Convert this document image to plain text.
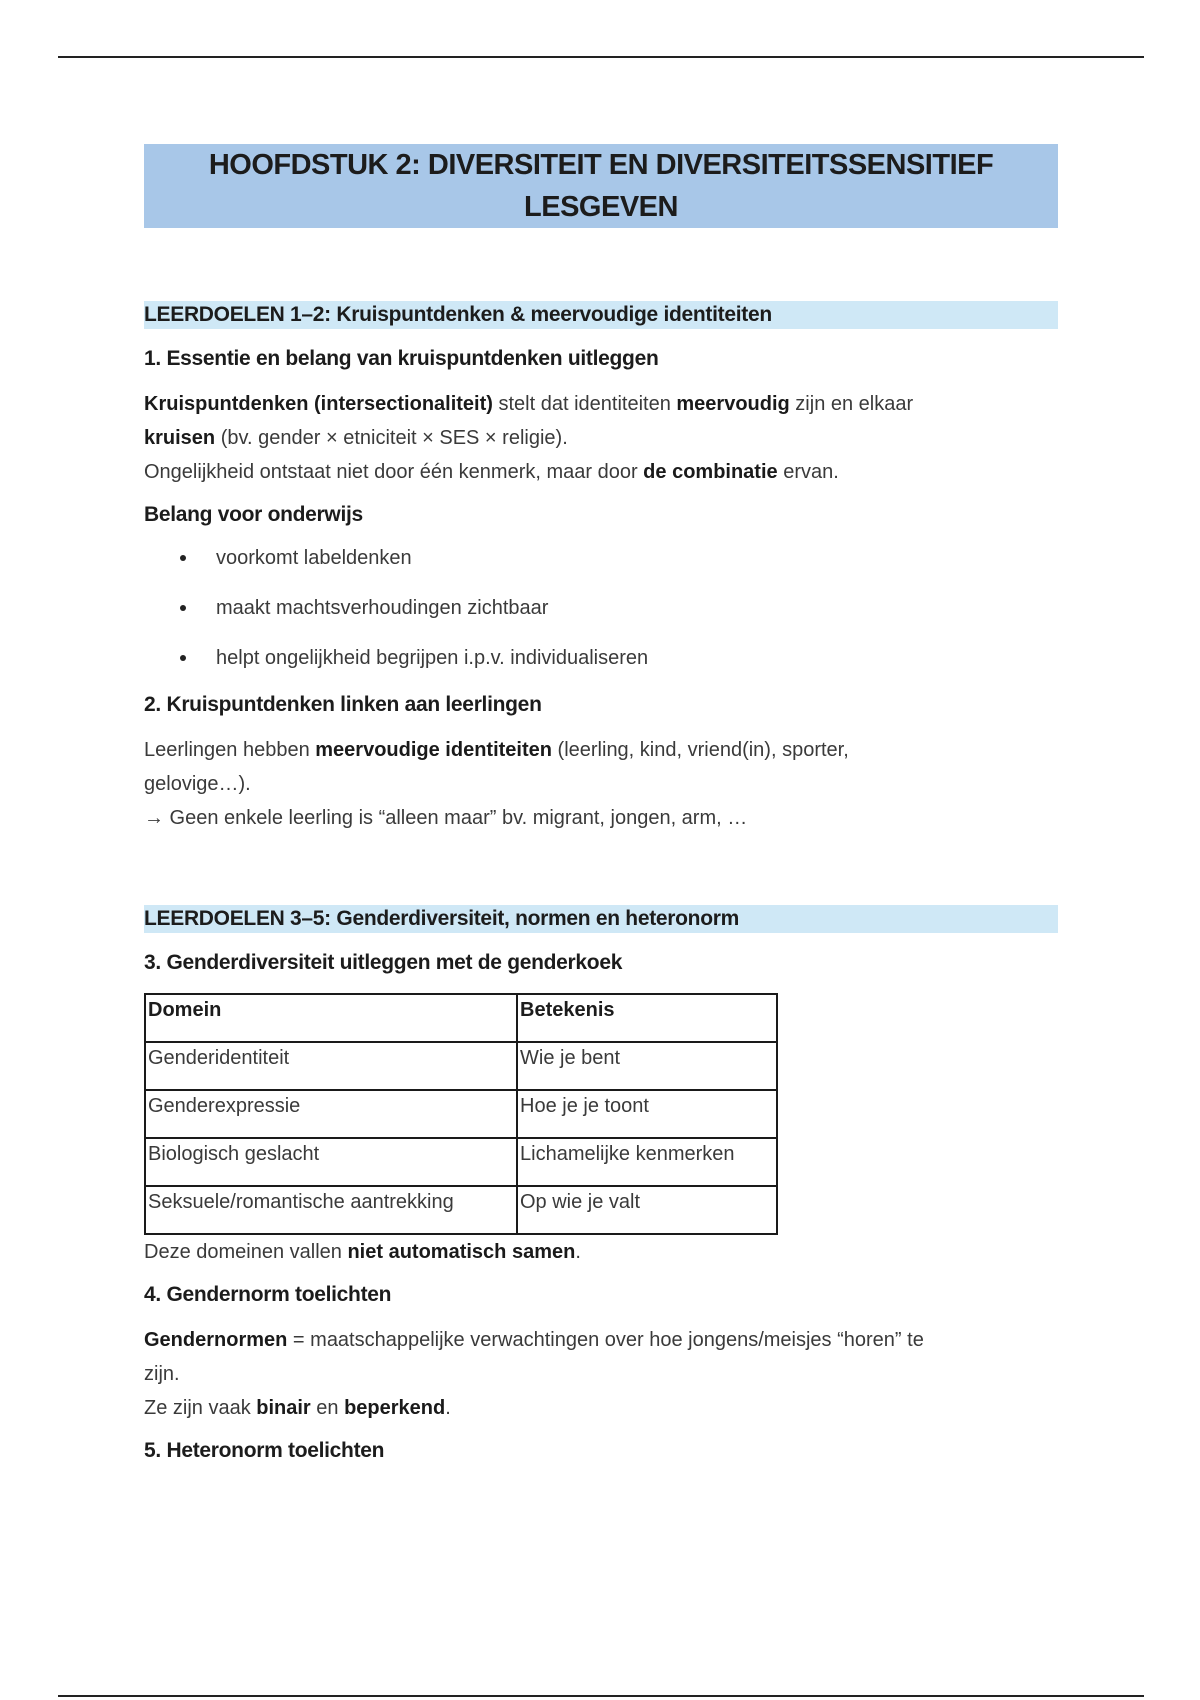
HOOFDSTUK 2: DIVERSITEIT EN DIVERSITEITSSENSITIEF
LESGEVEN
LEERDOELEN 1–2: Kruispuntdenken & meervoudige identiteiten
1. Essentie en belang van kruispuntdenken uitleggen
Kruispuntdenken (intersectionaliteit) stelt dat identiteiten meervoudig zijn en elkaar
kruisen (bv. gender × etniciteit × SES × religie).
Ongelijkheid ontstaat niet door één kenmerk, maar door de combinatie ervan.
Belang voor onderwijs
voorkomt labeldenken
maakt machtsverhoudingen zichtbaar
helpt ongelijkheid begrijpen i.p.v. individualiseren
2. Kruispuntdenken linken aan leerlingen
Leerlingen hebben meervoudige identiteiten (leerling, kind, vriend(in), sporter,
gelovige…).
→ Geen enkele leerling is “alleen maar” bv. migrant, jongen, arm, …
LEERDOELEN 3–5: Genderdiversiteit, normen en heteronorm
3. Genderdiversiteit uitleggen met de genderkoek
Domein	Betekenis
Genderidentiteit	Wie je bent
Genderexpressie	Hoe je je toont
Biologisch geslacht	Lichamelijke kenmerken
Seksuele/romantische aantrekking	Op wie je valt
Deze domeinen vallen niet automatisch samen.
4. Gendernorm toelichten
Gendernormen = maatschappelijke verwachtingen over hoe jongens/meisjes “horen” te
zijn.
Ze zijn vaak binair en beperkend.
5. Heteronorm toelichten
